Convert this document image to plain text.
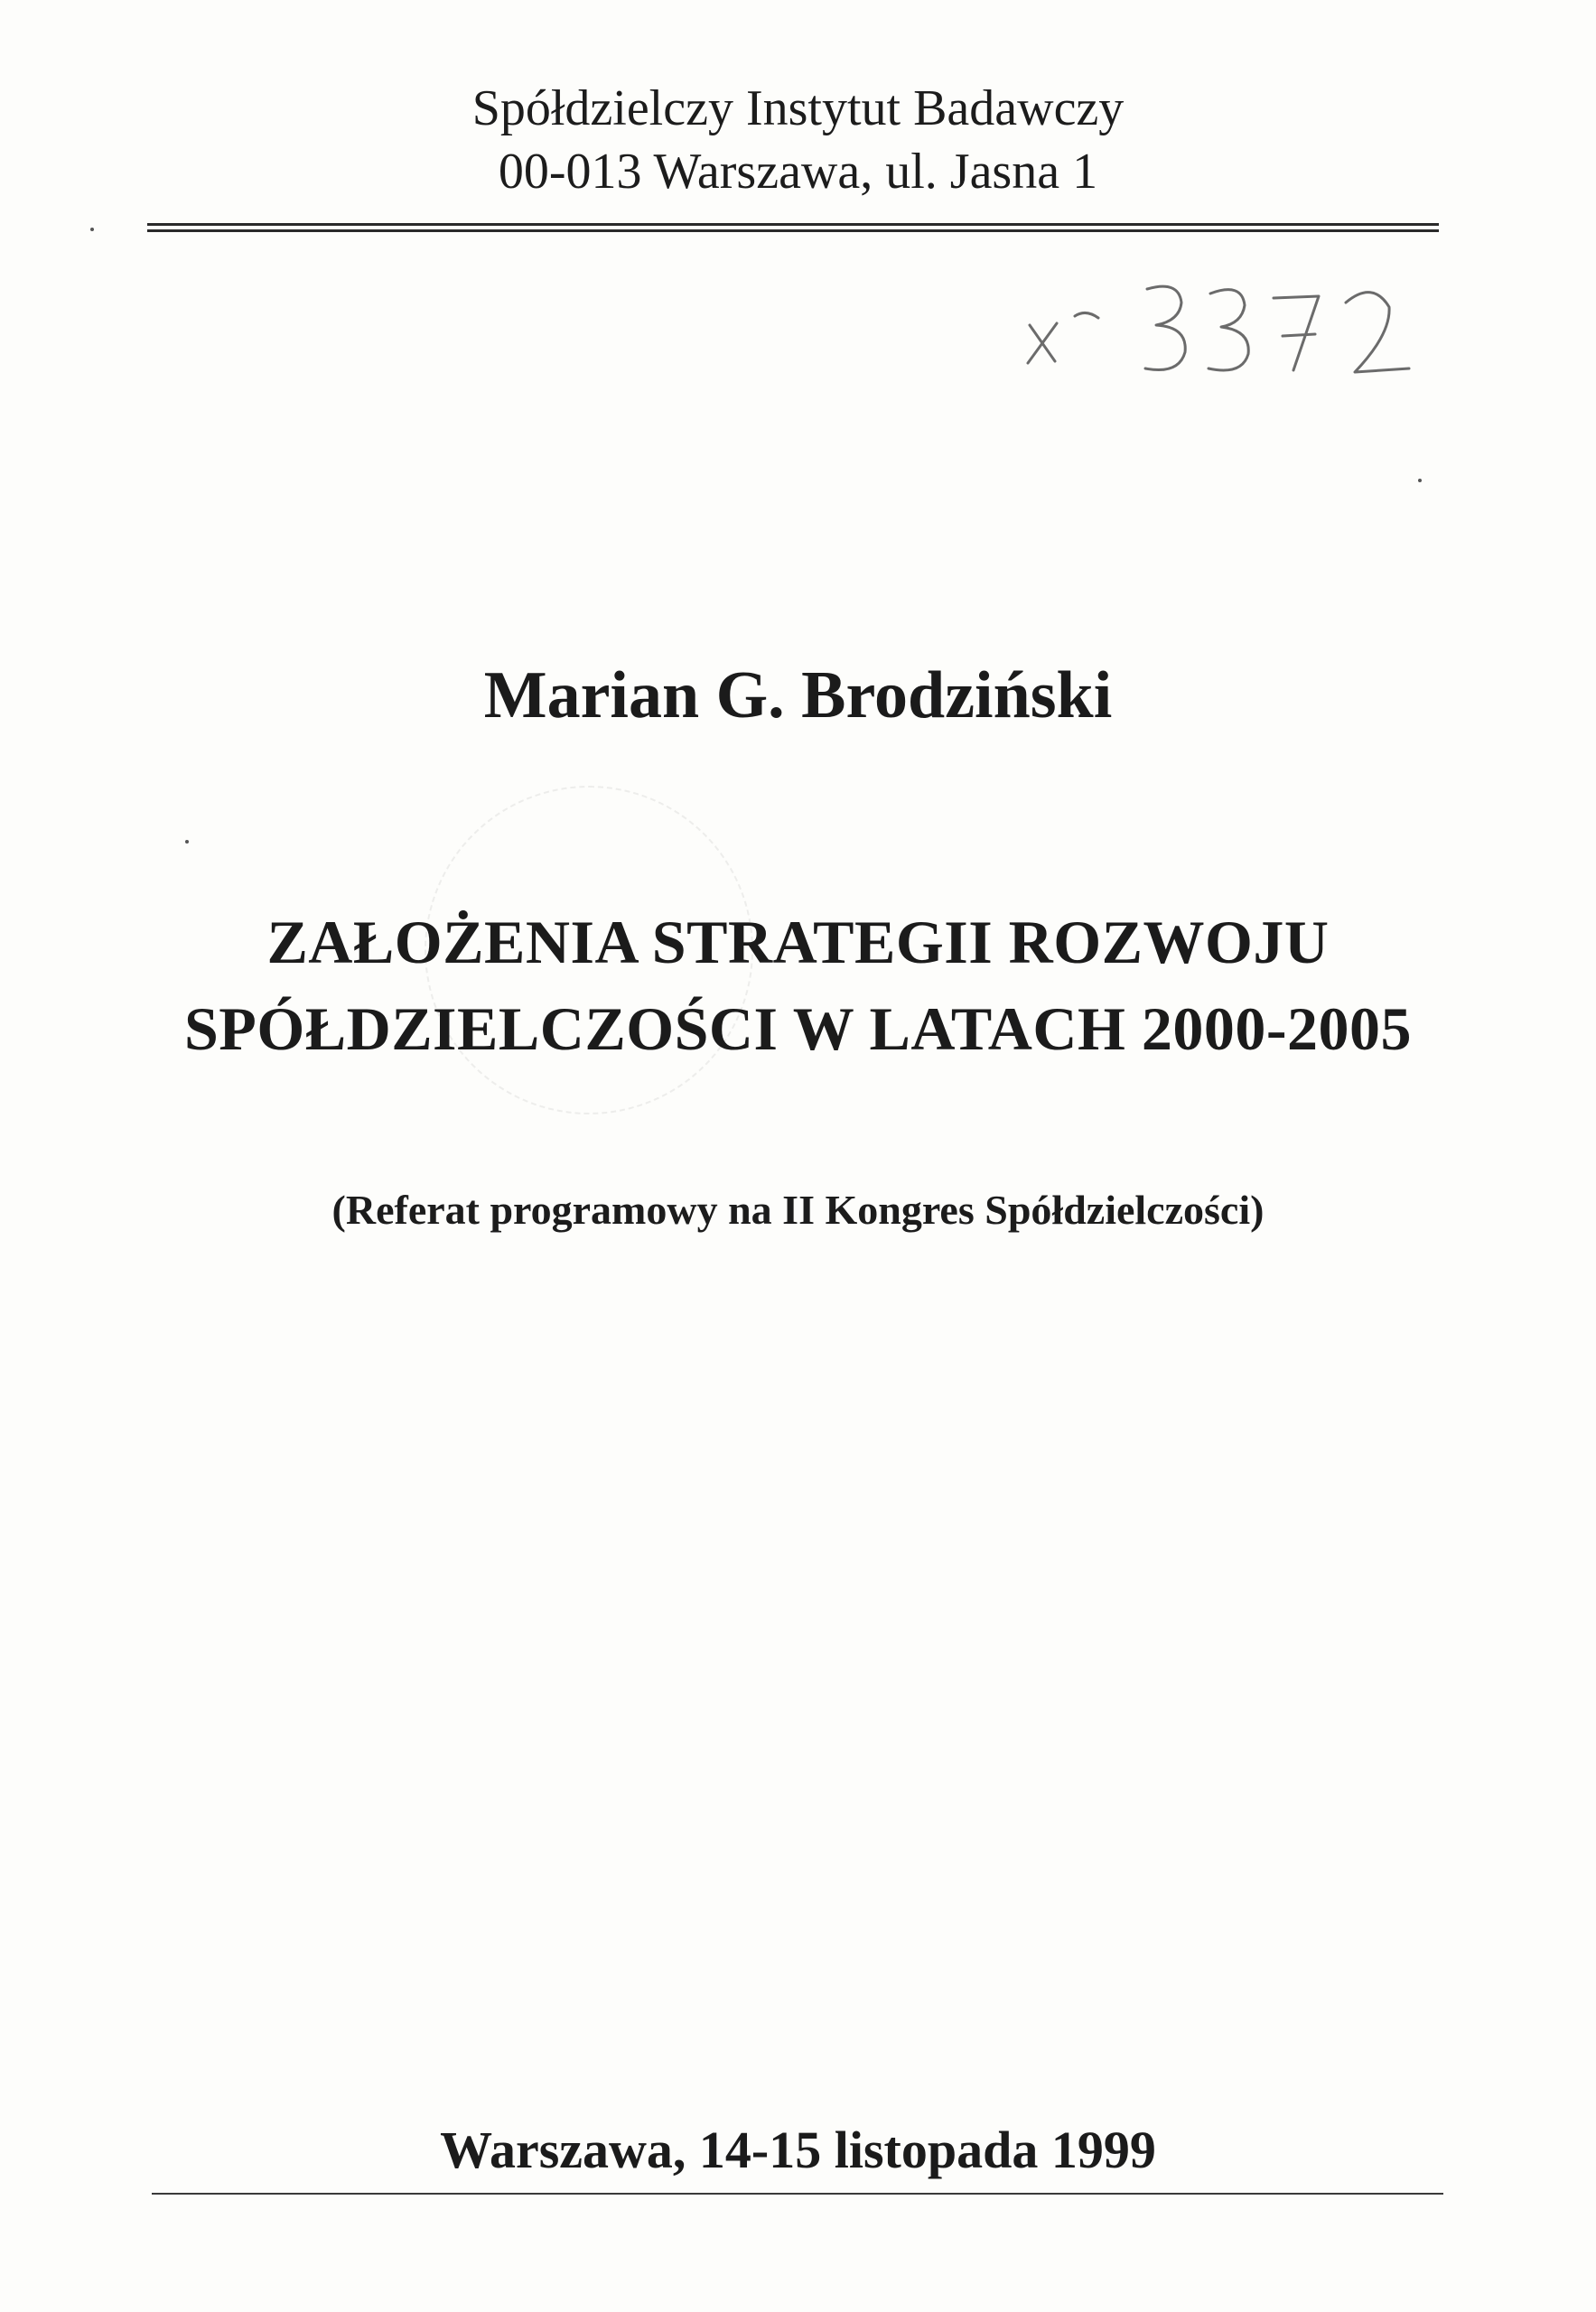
Spółdzielczy Instytut Badawczy
00-013 Warszawa, ul. Jasna 1
Marian G. Brodziński
ZAŁOŻENIA STRATEGII ROZWOJU
SPÓŁDZIELCZOŚCI W LATACH 2000-2005
(Referat programowy na II Kongres Spółdzielczości)
Warszawa, 14-15 listopada 1999
